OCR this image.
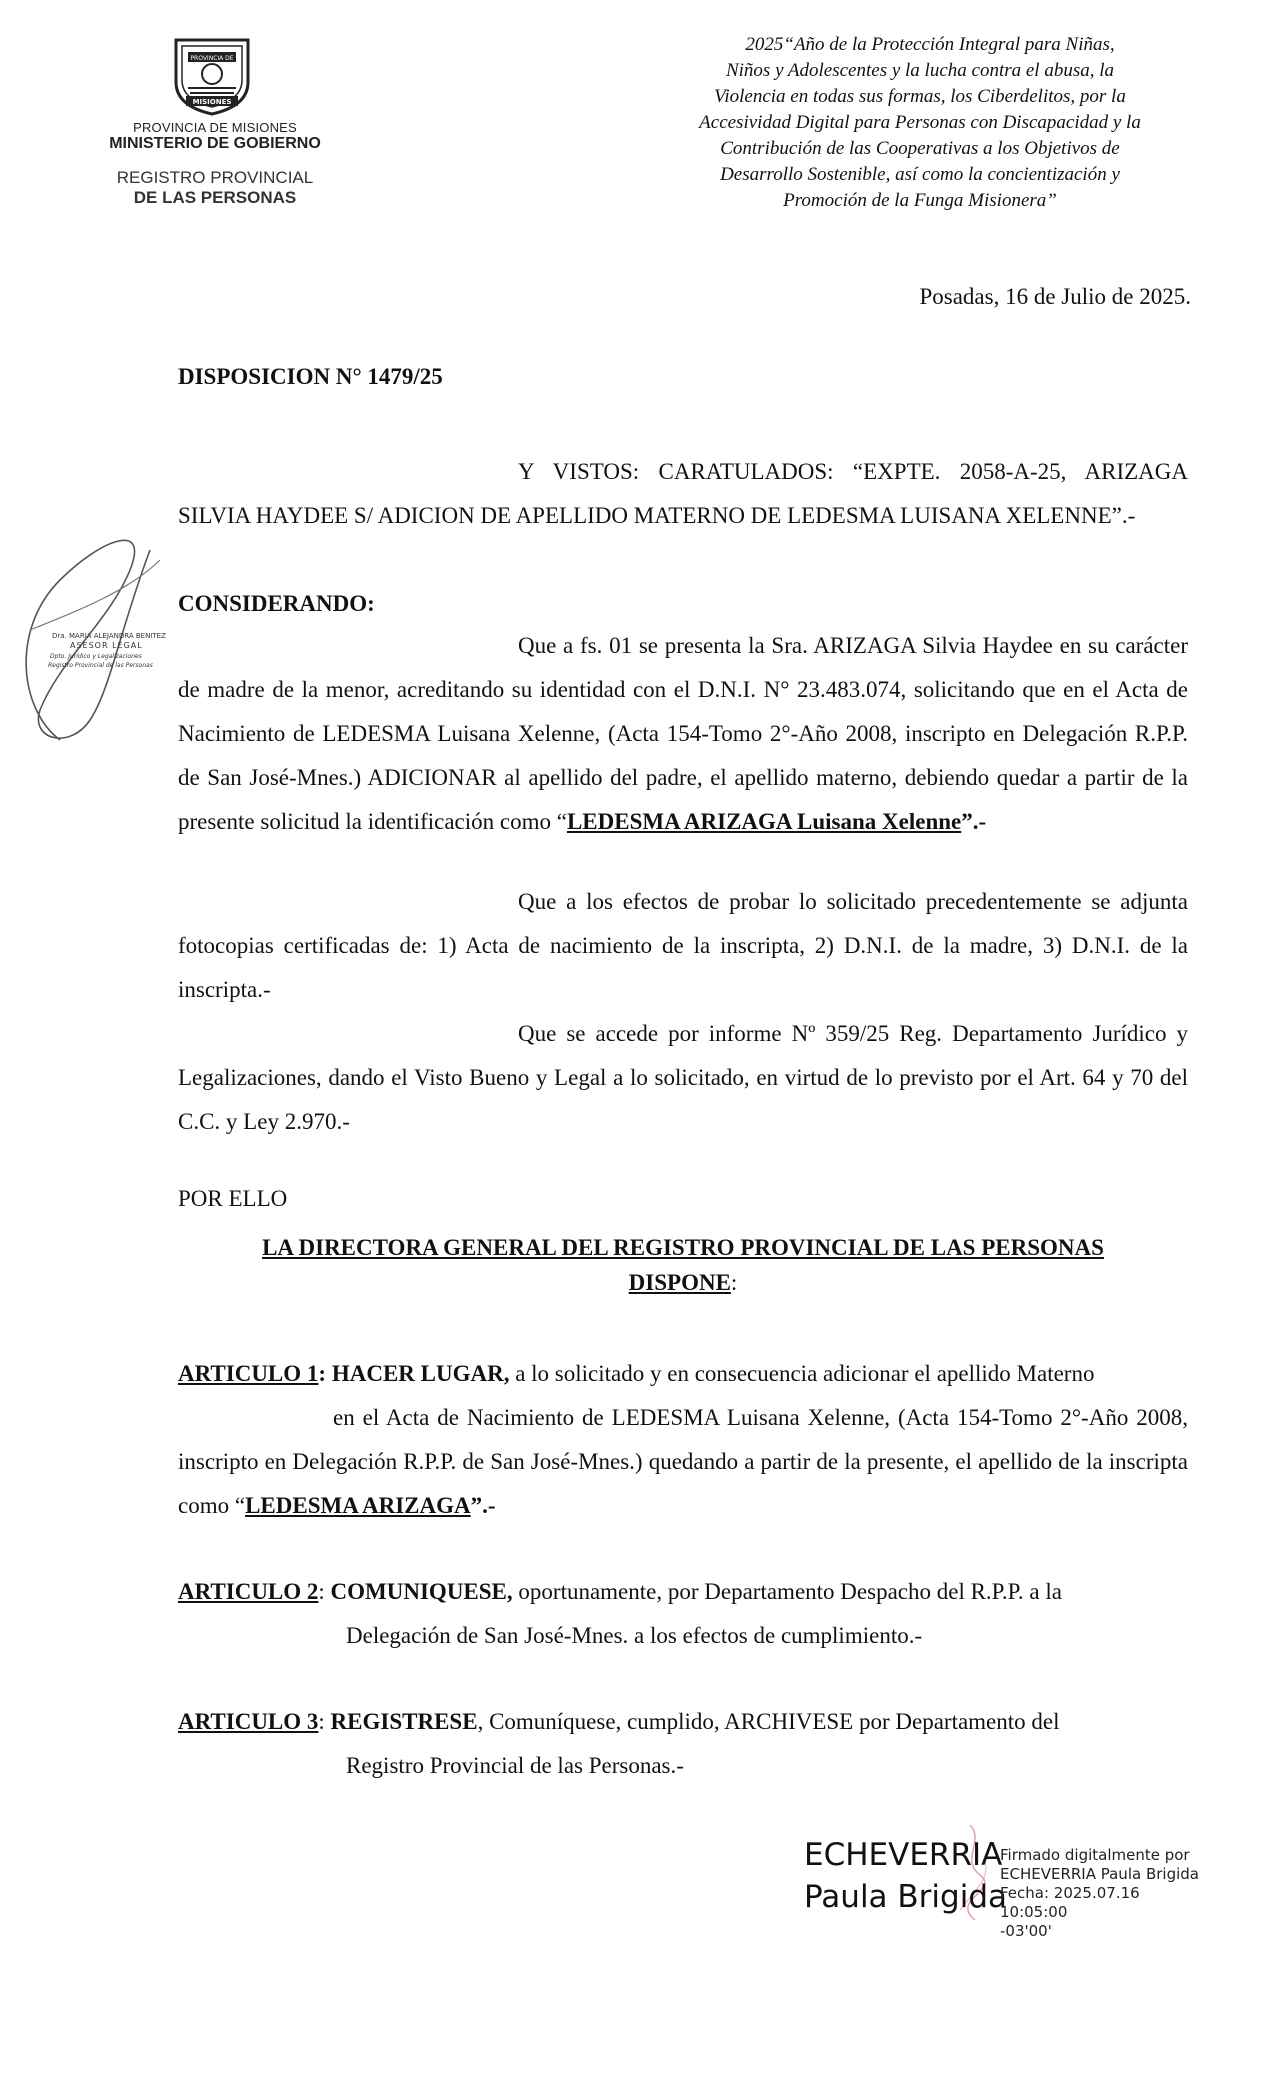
PROVINCIA DE
MISIONES
PROVINCIA DE MISIONES
MINISTERIO DE GOBIERNO
REGISTRO PROVINCIAL
DE LAS PERSONAS
2025“Año de la Protección Integral para Niñas,
Niños y Adolescentes y la lucha contra el abusa, la
Violencia en todas sus formas, los Ciberdelitos, por la
Accesividad Digital para Personas con Discapacidad y la
Contribución de las Cooperativas a los Objetivos de
Desarrollo Sostenible, así como la concientización y
Promoción de la Funga Misionera”
Posadas, 16 de Julio de 2025.
DISPOSICION N° 1479/25
Y VISTOS: CARATULADOS: “EXPTE. 2058-A-25, ARIZAGA SILVIA HAYDEE S/ ADICION DE APELLIDO MATERNO DE LEDESMA LUISANA XELENNE”.-
CONSIDERANDO:
Que a fs. 01 se presenta la Sra. ARIZAGA Silvia Haydee en su carácter de madre de la menor, acreditando su identidad con el D.N.I. N° 23.483.074, solicitando que en el Acta de Nacimiento de LEDESMA Luisana Xelenne, (Acta 154-Tomo 2°-Año 2008, inscripto en Delegación R.P.P. de San José-Mnes.) ADICIONAR al apellido del padre, el apellido materno, debiendo quedar a partir de la presente solicitud la identificación como “LEDESMA ARIZAGA Luisana Xelenne”.-
Que a los efectos de probar lo solicitado precedentemente se adjunta fotocopias certificadas de: 1) Acta de nacimiento de la inscripta, 2) D.N.I. de la madre, 3) D.N.I. de la inscripta.-
Que se accede por informe Nº 359/25 Reg. Departamento Jurídico y Legalizaciones, dando el Visto Bueno y Legal a lo solicitado, en virtud de lo previsto por el Art. 64 y 70 del C.C. y Ley 2.970.-
POR ELLO
LA DIRECTORA GENERAL DEL REGISTRO PROVINCIAL DE LAS PERSONAS
DISPONE:
ARTICULO 1: HACER LUGAR, a lo solicitado y en consecuencia adicionar el apellido Materno
en el Acta de Nacimiento de LEDESMA Luisana Xelenne, (Acta 154-Tomo 2°-Año 2008, inscripto en Delegación R.P.P. de San José-Mnes.) quedando a partir de la presente, el apellido de la inscripta como “LEDESMA ARIZAGA”.-
ARTICULO 2: COMUNIQUESE, oportunamente, por Departamento Despacho del R.P.P. a la
Delegación de San José-Mnes. a los efectos de cumplimiento.-
ARTICULO 3: REGISTRESE, Comuníquese, cumplido, ARCHIVESE por Departamento del
Registro Provincial de las Personas.-
Dra. MARIA ALEJANDRA BENITEZ
ASESOR LEGAL
Dpto. Jurídico y Legalizaciones
Registro Provincial de las Personas
ECHEVERRIA
Paula Brigida
Firmado digitalmente por
ECHEVERRIA Paula Brigida
Fecha: 2025.07.16 10:05:00
-03'00'
